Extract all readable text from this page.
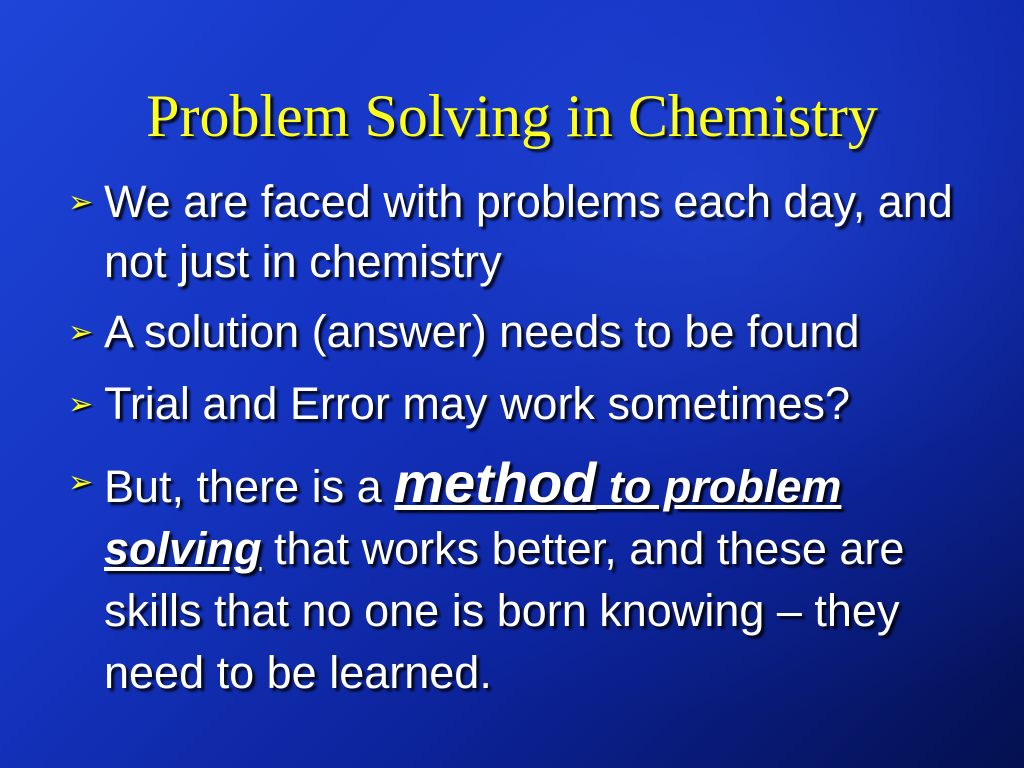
Problem Solving in Chemistry
➢ We are faced with problems each day, and not just in chemistry
➢ A solution (answer) needs to be found
➢ Trial and Error may work sometimes?
➢ But, there is a method to problem solving that works better, and these are skills that no one is born knowing – they need to be learned.
